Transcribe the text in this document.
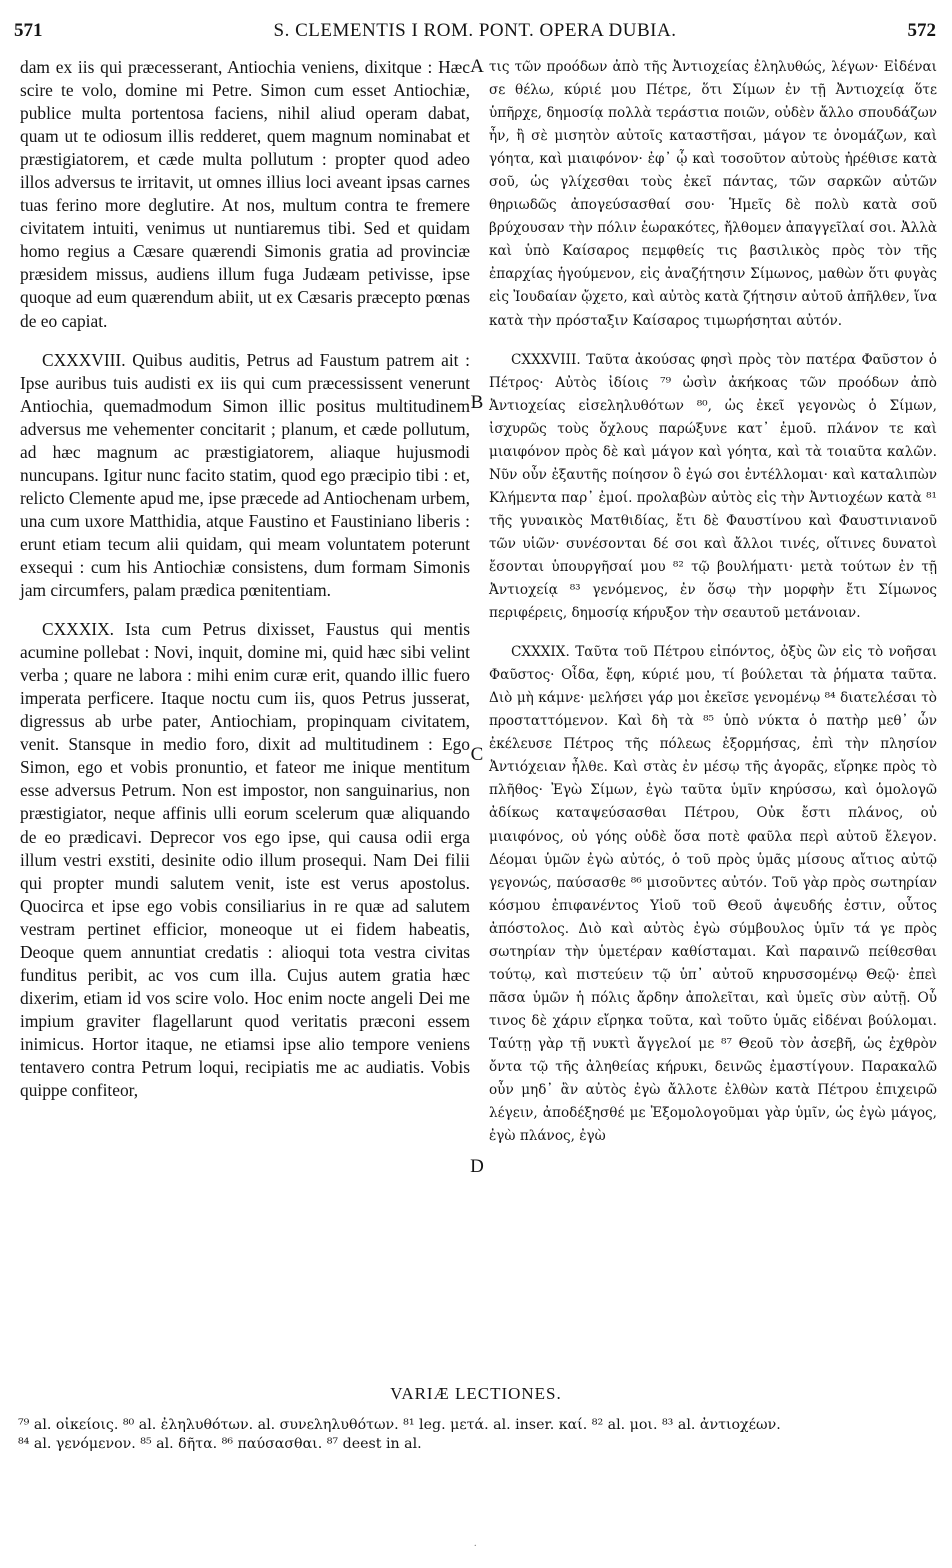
571	S. CLEMENTIS I ROM. PONT. OPERA DUBIA.	572

dam ex iis qui præcesserant, Antiochia veniens, dixitque : Hæc scire te volo, domine mi Petre. Simon cum esset Antiochiæ, publice multa portentosa faciens, nihil aliud operam dabat, quam ut te odiosum illis redderet, quem magnum nominabat et præstigiatorem, et cæde multa pollutum : propter quod adeo illos adversus te irritavit, ut omnes illius loci aveant ipsas carnes tuas ferino more deglutire. At nos, multum contra te fremere civitatem intuiti, venimus ut nuntiaremus tibi. Sed et quidam homo regius a Cæsare quærendi Simonis gratia ad provinciæ præsidem missus, audiens illum fuga Judæam petivisse, ipse quoque ad eum quærendum abiit, ut ex Cæsaris præcepto pœnas de eo capiat.

CXXXVIII. Quibus auditis, Petrus ad Faustum patrem ait : Ipse auribus tuis audisti ex iis qui cum præcessissent venerunt Antiochia, quemadmodum Simon illic positus multitudinem adversus me vehementer concitarit ; planum, et cæde pollutum, ad hæc magnum ac præstigiatorem, aliaque hujusmodi nuncupans. Igitur nunc facito statim, quod ego præcipio tibi : et, relicto Clemente apud me, ipse præcede ad Antiochenam urbem, una cum uxore Matthidia, atque Faustino et Faustiniano liberis : erunt etiam tecum alii quidam, qui meam voluntatem poterunt exsequi : cum his Antiochiæ consistens, dum formam Simonis jam circumfers, palam prædica pœnitentiam.

CXXXIX. Ista cum Petrus dixisset, Faustus qui mentis acumine pollebat : Novi, inquit, domine mi, quid hæc sibi velint verba ; quare ne labora : mihi enim curæ erit, quando illic fuero imperata perficere. Itaque noctu cum iis, quos Petrus jusserat, digressus ab urbe pater, Antiochiam, propinquam civitatem, venit. Stansque in medio foro, dixit ad multitudinem : Ego Simon, ego et vobis pronuntio, et fateor me inique mentitum esse adversus Petrum. Non est impostor, non sanguinarius, non præstigiator, neque affinis ulli eorum scelerum quæ aliquando de eo prædicavi. Deprecor vos ego ipse, qui causa odii erga illum vestri exstiti, desinite odio illum prosequi. Nam Dei filii qui propter mundi salutem venit, iste est verus apostolus. Quocirca et ipse ego vobis consiliarius in re quæ ad salutem vestram pertinet efficior, moneoque ut ei fidem habeatis, Deoque quem annuntiat credatis : alioqui tota vestra civitas funditus peribit, ac vos cum illa. Cujus autem gratia hæc dixerim, etiam id vos scire volo. Hoc enim nocte angeli Dei me impium graviter flagellarunt quod veritatis præconi essem inimicus. Hortor itaque, ne etiamsi ipse alio tempore veniens tentavero contra Petrum loqui, recipiatis me ac audiatis. Vobis quippe confiteor,

A
B
C
D

τις τῶν προόδων ἀπὸ τῆς Ἀντιοχείας ἐληλυθώς, λέγων· Εἰδέναι σε θέλω, κύριέ μου Πέτρε, ὅτι Σίμων ἐν τῇ Ἀντιοχείᾳ ὅτε ὑπῆρχε, δημοσίᾳ πολλὰ τεράστια ποιῶν, οὐδὲν ἄλλο σπουδάζων ἦν, ἢ σὲ μισητὸν αὐτοῖς καταστῆσαι, μάγον τε ὀνομάζων, καὶ γόητα, καὶ μιαιφόνον· ἐφ᾽ ᾧ καὶ τοσοῦτον αὐτοὺς ἠρέθισε κατὰ σοῦ, ὡς γλίχεσθαι τοὺς ἐκεῖ πάντας, τῶν σαρκῶν αὐτῶν θηριωδῶς ἀπογεύσασθαί σου· Ἡμεῖς δὲ πολὺ κατὰ σοῦ βρύχουσαν τὴν πόλιν ἑωρακότες, ἤλθομεν ἀπαγγεῖλαί σοι. Ἀλλὰ καὶ ὑπὸ Καίσαρος πεμφθείς τις βασιλικὸς πρὸς τὸν τῆς ἐπαρχίας ἡγούμενον, εἰς ἀναζήτησιν Σίμωνος, μαθὼν ὅτι φυγὰς εἰς Ἰουδαίαν ᾤχετο, καὶ αὐτὸς κατὰ ζήτησιν αὐτοῦ ἀπῆλθεν, ἵνα κατὰ τὴν πρόσταξιν Καίσαρος τιμωρήσηται αὐτόν.

CXXXVIII. Ταῦτα ἀκούσας φησὶ πρὸς τὸν πατέρα Φαῦστον ὁ Πέτρος· Αὐτὸς ἰδίοις ⁷⁹ ὠσὶν ἀκήκοας τῶν προόδων ἀπὸ Ἀντιοχείας εἰσεληλυθότων ⁸⁰, ὡς ἐκεῖ γεγονὼς ὁ Σίμων, ἰσχυρῶς τοὺς ὄχλους παρώξυνε κατ᾽ ἐμοῦ. πλάνον τε καὶ μιαιφόνον πρὸς δὲ καὶ μάγον καὶ γόητα, καὶ τὰ τοιαῦτα καλῶν. Νῦν οὖν ἐξαυτῆς ποίησον ὃ ἐγώ σοι ἐντέλλομαι· καὶ καταλιπὼν Κλήμεντα παρ᾽ ἐμοί. προλαβὼν αὐτὸς εἰς τὴν Ἀντιοχέων κατὰ ⁸¹ τῆς γυναικὸς Ματθιδίας, ἔτι δὲ Φαυστίνου καὶ Φαυστινιανοῦ τῶν υἱῶν· συνέσονται δέ σοι καὶ ἄλλοι τινές, οἵτινες δυνατοὶ ἔσονται ὑπουργῆσαί μου ⁸² τῷ βουλήματι· μετὰ τούτων ἐν τῇ Ἀντιοχείᾳ ⁸³ γενόμενος, ἐν ὅσῳ τὴν μορφὴν ἔτι Σίμωνος περιφέρεις, δημοσίᾳ κήρυξον τὴν σεαυτοῦ μετάνοιαν.

CXXXIX. Ταῦτα τοῦ Πέτρου εἰπόντος, ὀξὺς ὢν εἰς τὸ νοῆσαι Φαῦστος· Οἶδα, ἔφη, κύριέ μου, τί βούλεται τὰ ῥήματα ταῦτα. Διὸ μὴ κάμνε· μελήσει γάρ μοι ἐκεῖσε γενομένῳ ⁸⁴ διατελέσαι τὸ προσταττόμενον. Καὶ δὴ τὰ ⁸⁵ ὑπὸ νύκτα ὁ πατὴρ μεθ᾽ ὧν ἐκέλευσε Πέτρος τῆς πόλεως ἐξορμήσας, ἐπὶ τὴν πλησίον Ἀντιόχειαν ἦλθε. Καὶ στὰς ἐν μέσῳ τῆς ἀγορᾶς, εἴρηκε πρὸς τὸ πλῆθος· Ἐγὼ Σίμων, ἐγὼ ταῦτα ὑμῖν κηρύσσω, καὶ ὁμολογῶ ἀδίκως καταψεύσασθαι Πέτρου, Οὐκ ἔστι πλάνος, οὐ μιαιφόνος, οὐ γόης οὐδὲ ὅσα ποτὲ φαῦλα περὶ αὐτοῦ ἔλεγον. Δέομαι ὑμῶν ἐγὼ αὐτός, ὁ τοῦ πρὸς ὑμᾶς μίσους αἴτιος αὐτῷ γεγονώς, παύσασθε ⁸⁶ μισοῦντες αὐτόν. Τοῦ γὰρ πρὸς σωτηρίαν κόσμου ἐπιφανέντος Υἱοῦ τοῦ Θεοῦ ἀψευδής ἐστιν, οὗτος ἀπόστολος. Διὸ καὶ αὐτὸς ἐγὼ σύμβουλος ὑμῖν τά γε πρὸς σωτηρίαν τὴν ὑμετέραν καθίσταμαι. Καὶ παραινῶ πείθεσθαι τούτῳ, καὶ πιστεύειν τῷ ὑπ᾽ αὐτοῦ κηρυσσομένῳ Θεῷ· ἐπεὶ πᾶσα ὑμῶν ἡ πόλις ἄρδην ἀπολεῖται, καὶ ὑμεῖς σὺν αὐτῇ. Οὗ τινος δὲ χάριν εἴρηκα τοῦτα, καὶ τοῦτο ὑμᾶς εἰδέναι βούλομαι. Ταύτῃ γὰρ τῇ νυκτὶ ἄγγελοί με ⁸⁷ Θεοῦ τὸν ἀσεβῆ, ὡς ἐχθρὸν ὄντα τῷ τῆς ἀληθείας κήρυκι, δεινῶς ἐμαστίγουν. Παρακαλῶ οὖν μηδ᾽ ἂν αὐτὸς ἐγὼ ἄλλοτε ἐλθὼν κατὰ Πέτρου ἐπιχειρῶ λέγειν, ἀποδέξησθέ με Ἐξομολογοῦμαι γὰρ ὑμῖν, ὡς ἐγὼ μάγος, ἐγὼ πλάνος, ἐγὼ

VARIÆ LECTIONES.
⁷⁹ al. οἰκείοις. ⁸⁰ al. ἐληλυθότων. al. συνεληλυθότων. ⁸¹ leg. μετά. al. inser. καί. ⁸² al. μοι. ⁸³ al. ἀντιοχέων.
⁸⁴ al. γενόμενον. ⁸⁵ al. δῆτα. ⁸⁶ παύσασθαι. ⁸⁷ deest in al.
.
